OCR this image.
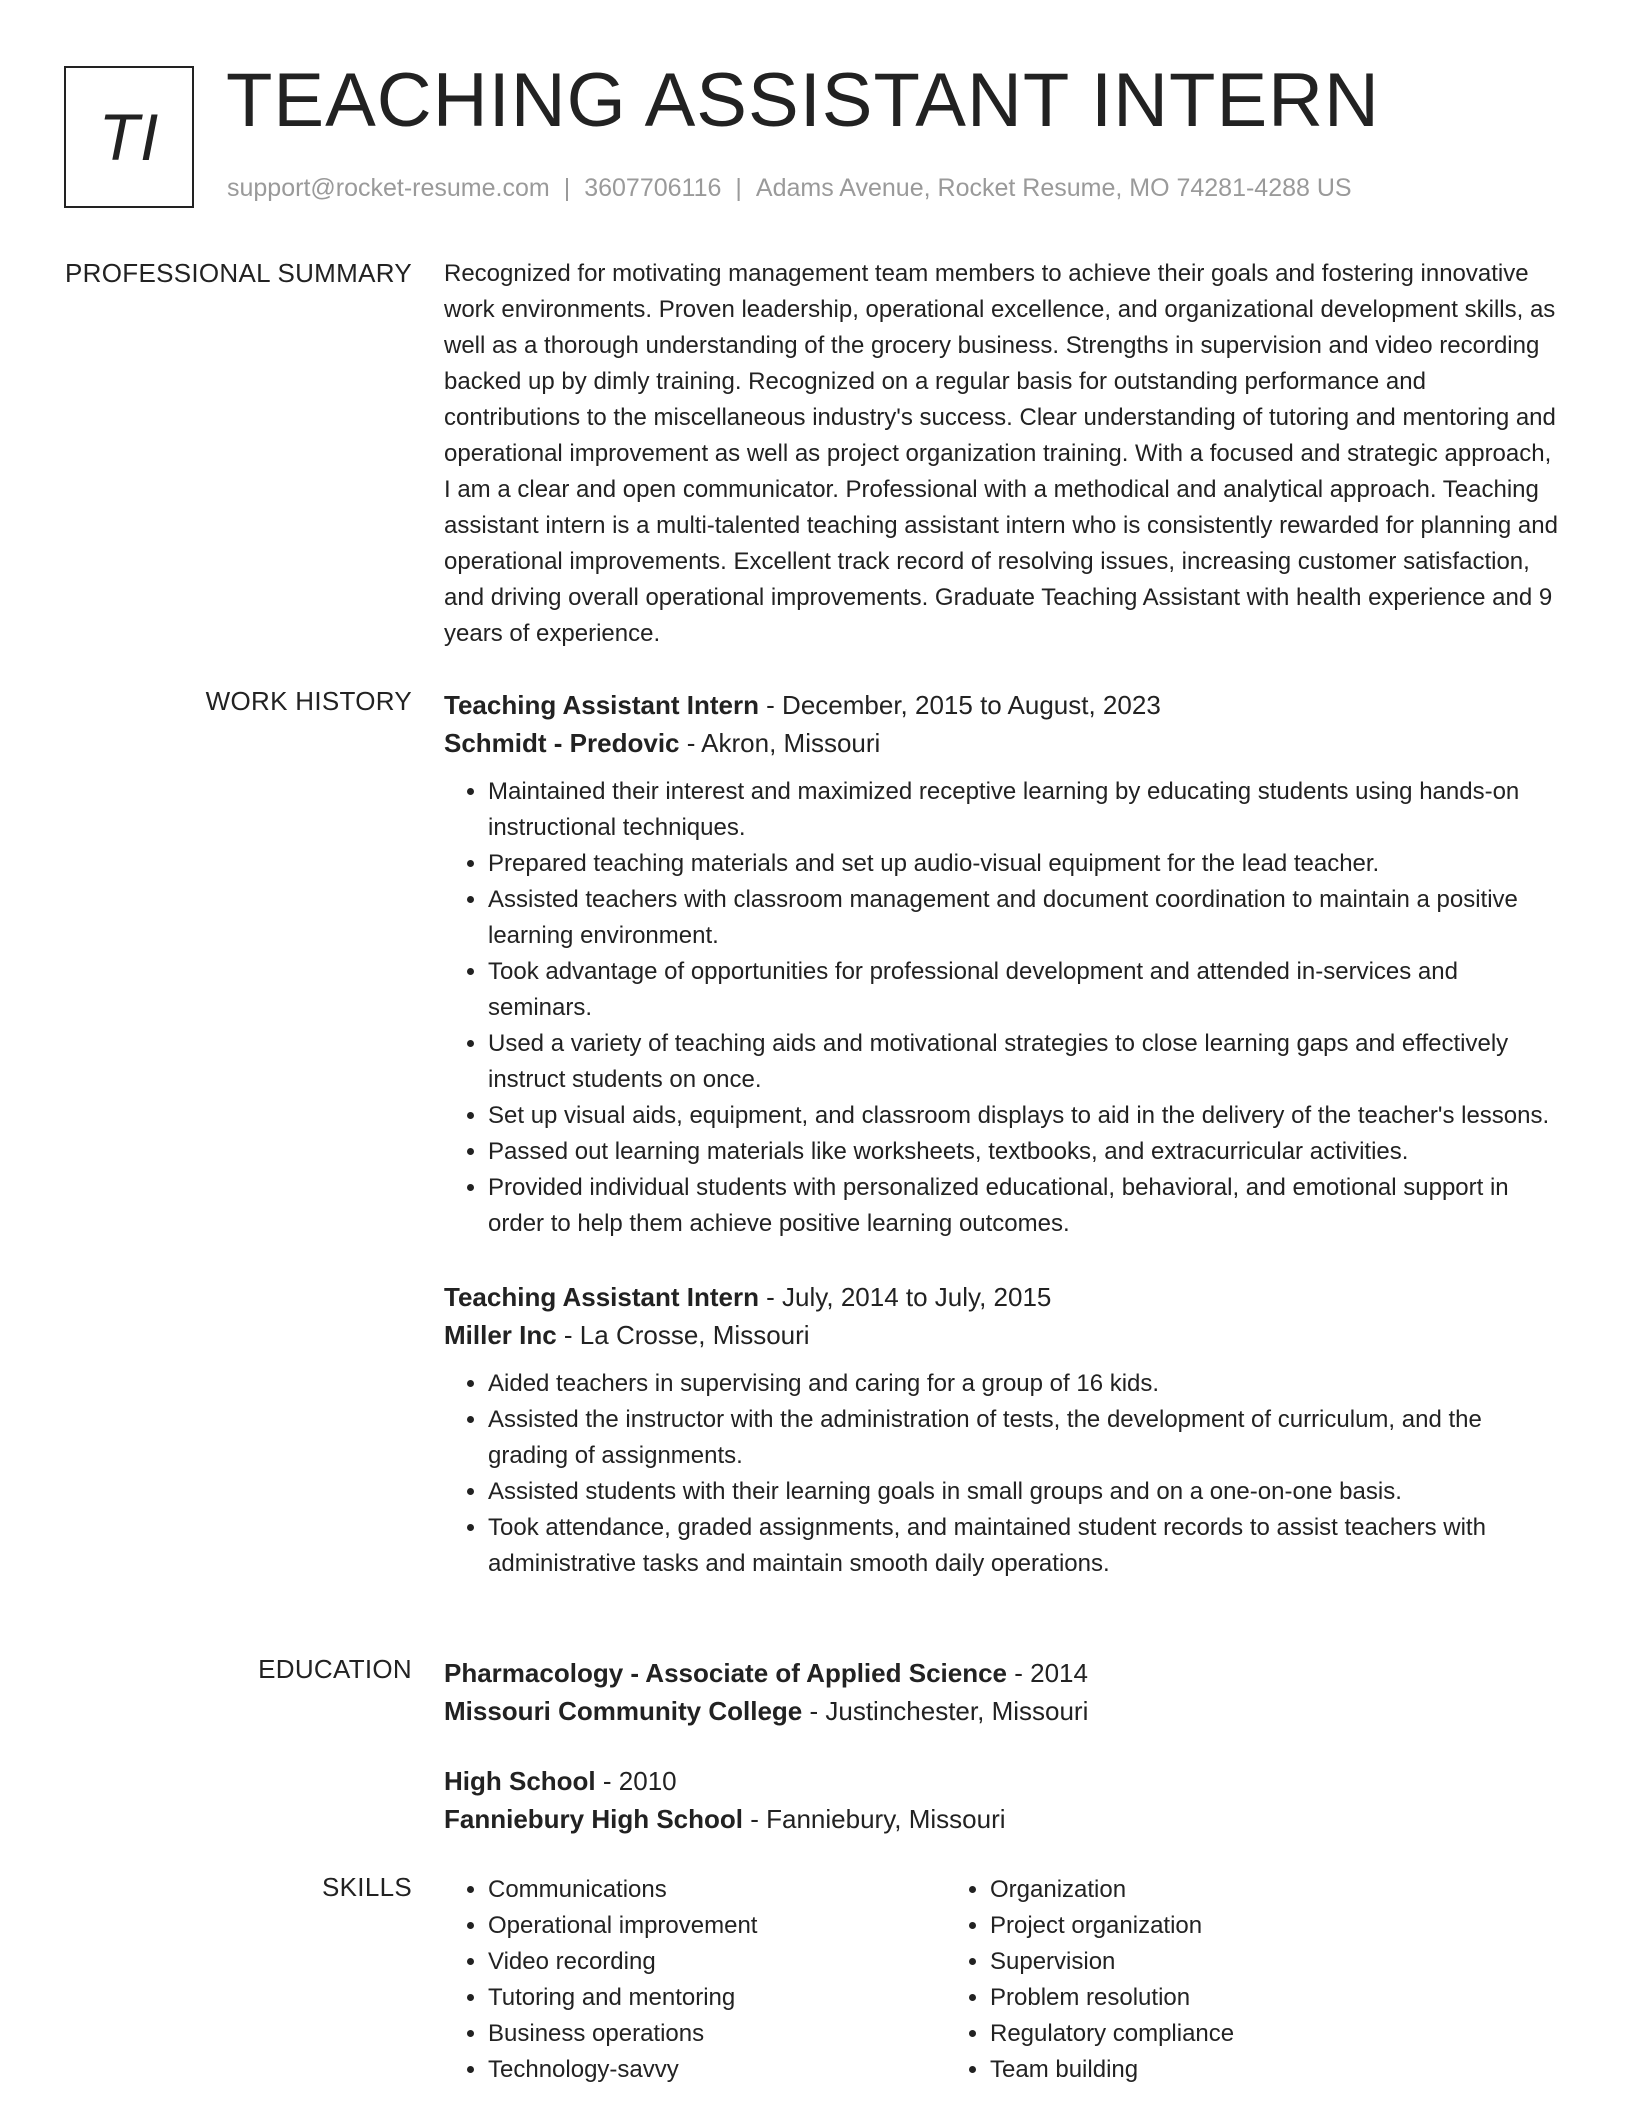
TI TEACHING ASSISTANT INTERN
support@rocket-resume.com | 3607706116 | Adams Avenue, Rocket Resume, MO 74281-4288 US
PROFESSIONAL SUMMARY Recognized for motivating management team members to achieve their goals and fostering innovative work environments. Proven leadership, operational excellence, and organizational development skills, as well as a thorough understanding of the grocery business. Strengths in supervision and video recording backed up by dimly training. Recognized on a regular basis for outstanding performance and contributions to the miscellaneous industry's success. Clear understanding of tutoring and mentoring and operational improvement as well as project organization training. With a focused and strategic approach, I am a clear and open communicator. Professional with a methodical and analytical approach. Teaching assistant intern is a multi-talented teaching assistant intern who is consistently rewarded for planning and operational improvements. Excellent track record of resolving issues, increasing customer satisfaction, and driving overall operational improvements. Graduate Teaching Assistant with health experience and 9 years of experience.

WORK HISTORY Teaching Assistant Intern - December, 2015 to August, 2023
Schmidt - Predovic - Akron, Missouri
• Maintained their interest and maximized receptive learning by educating students using hands-on instructional techniques.
• Prepared teaching materials and set up audio-visual equipment for the lead teacher.
• Assisted teachers with classroom management and document coordination to maintain a positive learning environment.
• Took advantage of opportunities for professional development and attended in-services and seminars.
• Used a variety of teaching aids and motivational strategies to close learning gaps and effectively instruct students on once.
• Set up visual aids, equipment, and classroom displays to aid in the delivery of the teacher's lessons.
• Passed out learning materials like worksheets, textbooks, and extracurricular activities.
• Provided individual students with personalized educational, behavioral, and emotional support in order to help them achieve positive learning outcomes.
Teaching Assistant Intern - July, 2014 to July, 2015
Miller Inc - La Crosse, Missouri
• Aided teachers in supervising and caring for a group of 16 kids.
• Assisted the instructor with the administration of tests, the development of curriculum, and the grading of assignments.
• Assisted students with their learning goals in small groups and on a one-on-one basis.
• Took attendance, graded assignments, and maintained student records to assist teachers with administrative tasks and maintain smooth daily operations.
EDUCATION Pharmacology - Associate of Applied Science - 2014
Missouri Community College - Justinchester, Missouri
High School - 2010
Fanniebury High School - Fanniebury, Missouri
SKILLS
•	Communications
• Operational improvement
• Video recording
• Tutoring and mentoring
• Business operations
• Technology-savvy
• Organization
• Project organization
• Supervision
• Problem resolution
• Regulatory compliance
• Team building
